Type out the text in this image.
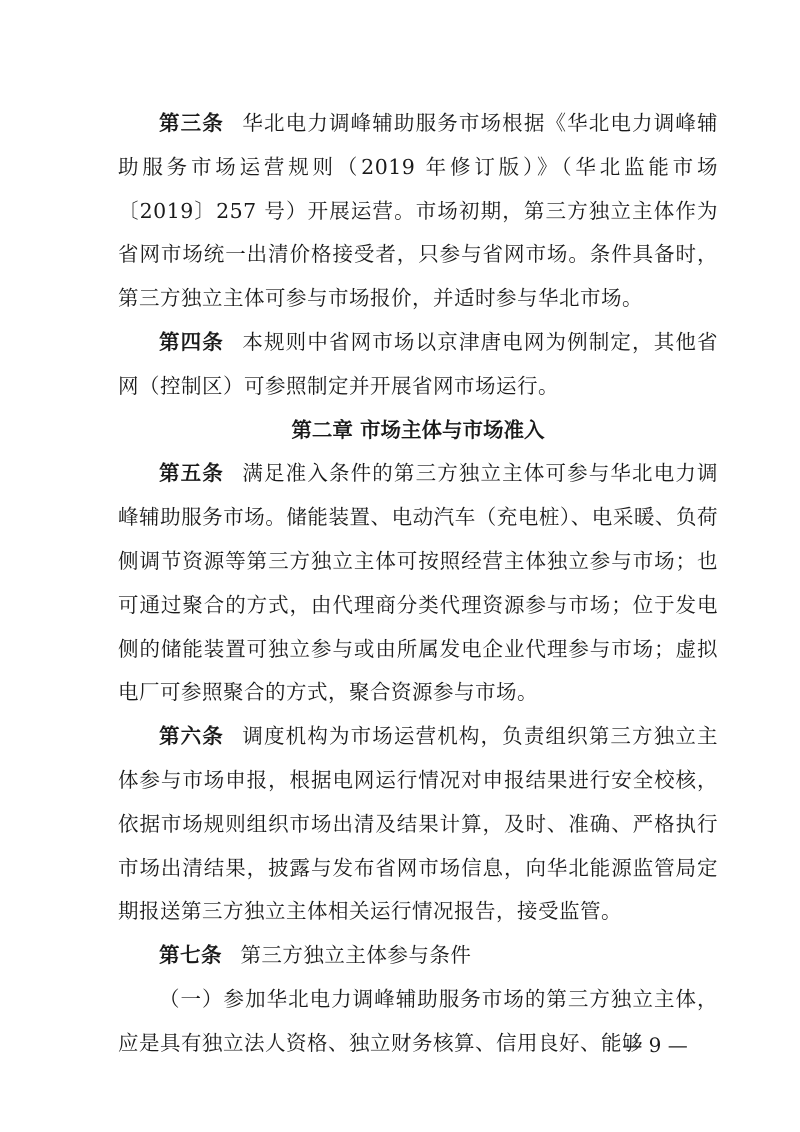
第三条 华北电力调峰辅助服务市场根据《华北电力调峰辅助服务市场运营规则（2019 年修订版）》（华北监能市场〔2019〕257 号）开展运营。市场初期，第三方独立主体作为省网市场统一出清价格接受者，只参与省网市场。条件具备时，第三方独立主体可参与市场报价，并适时参与华北市场。

第四条 本规则中省网市场以京津唐电网为例制定，其他省网（控制区）可参照制定并开展省网市场运行。

第二章 市场主体与市场准入

第五条 满足准入条件的第三方独立主体可参与华北电力调峰辅助服务市场。储能装置、电动汽车（充电桩）、电采暖、负荷侧调节资源等第三方独立主体可按照经营主体独立参与市场；也可通过聚合的方式，由代理商分类代理资源参与市场；位于发电侧的储能装置可独立参与或由所属发电企业代理参与市场；虚拟电厂可参照聚合的方式，聚合资源参与市场。

第六条 调度机构为市场运营机构，负责组织第三方独立主体参与市场申报，根据电网运行情况对申报结果进行安全校核，依据市场规则组织市场出清及结果计算，及时、准确、严格执行市场出清结果，披露与发布省网市场信息，向华北能源监管局定期报送第三方独立主体相关运行情况报告，接受监管。

第七条 第三方独立主体参与条件

（一）参加华北电力调峰辅助服务市场的第三方独立主体，应是具有独立法人资格、独立财务核算、信用良好、能够

— 9 —
